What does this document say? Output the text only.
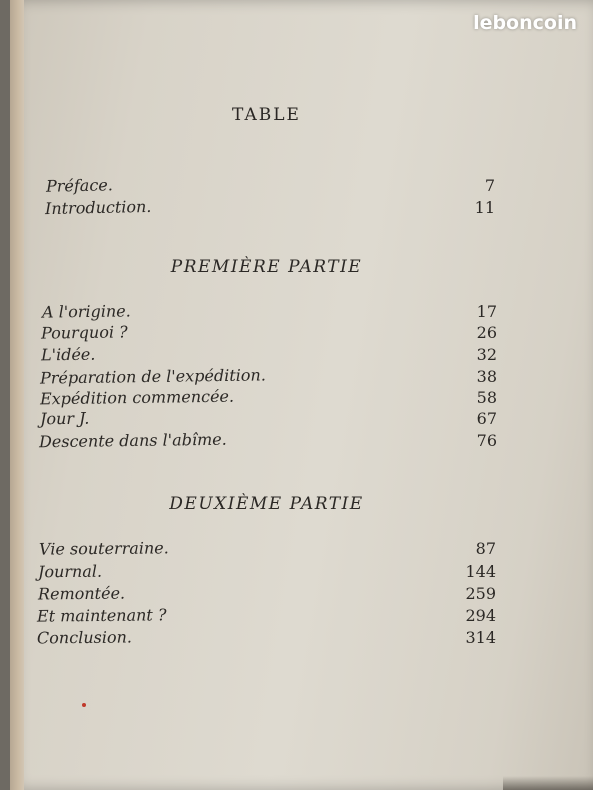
leboncoin
TABLE
Préface.	7
Introduction.	11
PREMIÈRE PARTIE
A l'origine.	17
Pourquoi ?	26
L'idée.	32
Préparation de l'expédition.	38
Expédition commencée.	58
Jour J.	67
Descente dans l'abîme.	76
DEUXIÈME PARTIE
Vie souterraine.	87
Journal.	144
Remontée.	259
Et maintenant ?	294
Conclusion.	314
